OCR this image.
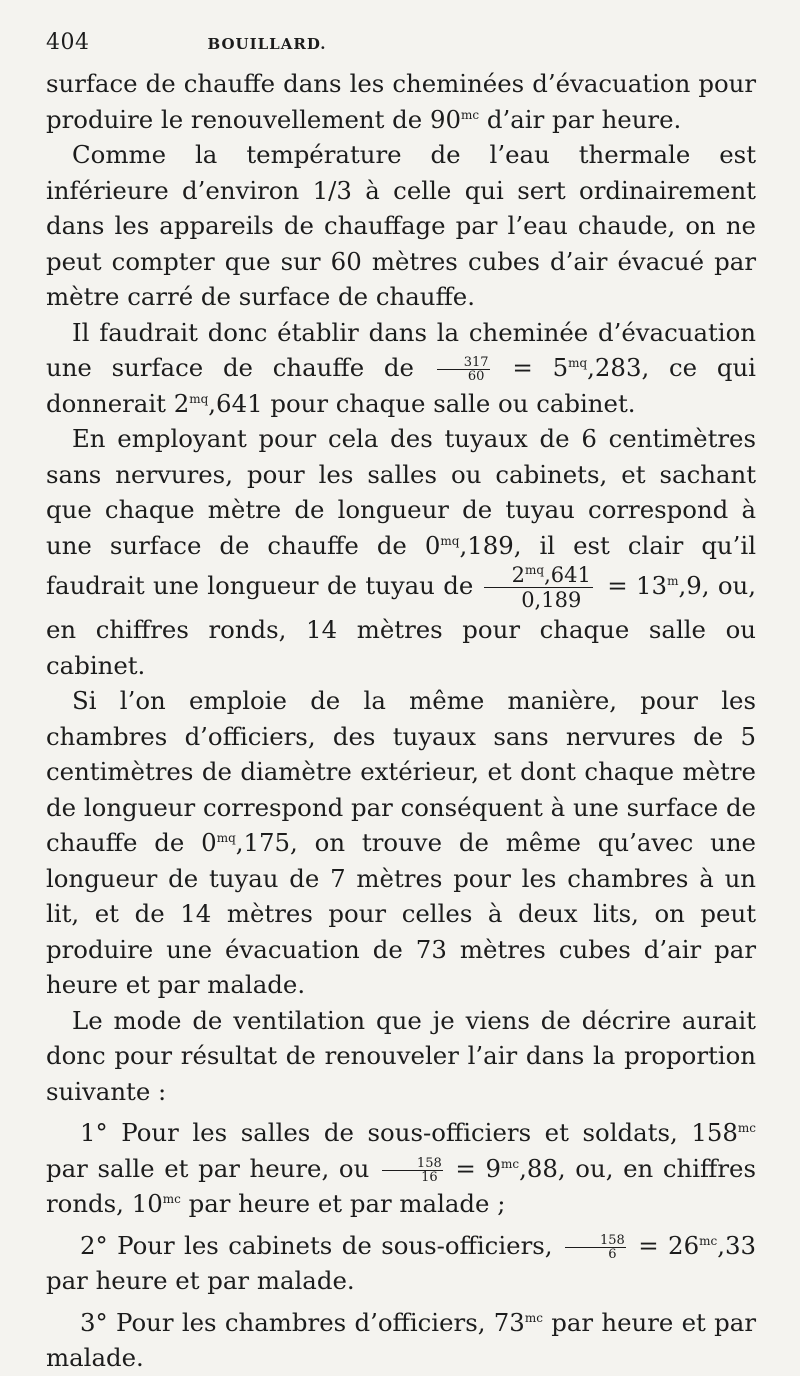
404	BOUILLARD.

surface de chauffe dans les cheminées d’évacuation pour produire le renouvellement de $90^{mc}$ d’air par heure.

Comme la température de l’eau thermale est inférieure d’environ 1/3 à celle qui sert ordinairement dans les appareils de chauffage par l’eau chaude, on ne peut compter que sur 60 mètres cubes d’air évacué par mètre carré de surface de chauffe.

Il faudrait donc établir dans la cheminée d’évacuation une surface de chauffe de $\frac{317}{60} = 5^{mq},283$, ce qui donnerait $2^{mq},641$ pour chaque salle ou cabinet.

En employant pour cela des tuyaux de 6 centimètres sans nervures, pour les salles ou cabinets, et sachant que chaque mètre de longueur de tuyau correspond à une surface de chauffe de $0^{mq},189$, il est clair qu’il faudrait une longueur de tuyau de $\frac{2^{mq},641}{0,189} = 13^m,9$, ou, en chiffres ronds, 14 mètres pour chaque salle ou cabinet.

Si l’on emploie de la même manière, pour les chambres d’officiers, des tuyaux sans nervures de 5 centimètres de diamètre extérieur, et dont chaque mètre de longueur correspond par conséquent à une surface de chauffe de $0^{mq},175$, on trouve de même qu’avec une longueur de tuyau de 7 mètres pour les chambres à un lit, et de 14 mètres pour celles à deux lits, on peut produire une évacuation de 73 mètres cubes d’air par heure et par malade.

Le mode de ventilation que je viens de décrire aurait donc pour résultat de renouveler l’air dans la proportion suivante :

1° Pour les salles de sous-officiers et soldats, $158^{mc}$ par salle et par heure, ou $\frac{158}{16} = 9^{mc},88$, ou, en chiffres ronds, $10^{mc}$ par heure et par malade ;

2° Pour les cabinets de sous-officiers, $\frac{158}{6} = 26^{mc},33$ par heure et par malade.

3° Pour les chambres d’officiers, $73^{mc}$ par heure et par malade.
